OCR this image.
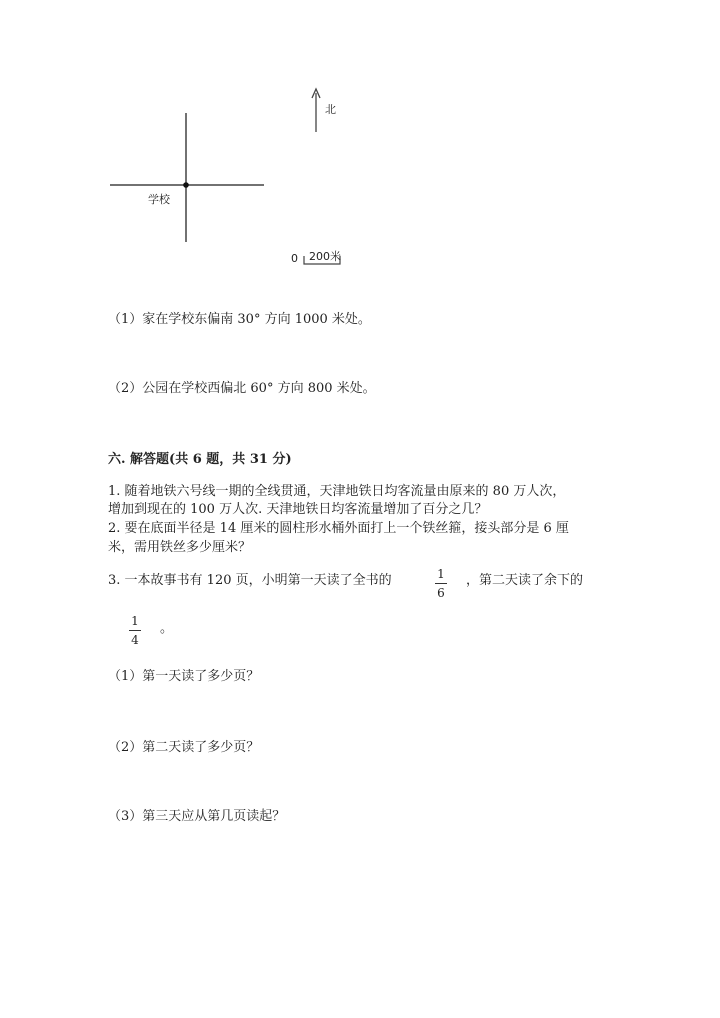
北
学校
0 200米
（1）家在学校东偏南 30° 方向 1000 米处。
（2）公园在学校西偏北 60° 方向 800 米处。
六. 解答题(共 6 题，共 31 分)
1. 随着地铁六号线一期的全线贯通，天津地铁日均客流量由原来的 80 万人次，
增加到现在的 100 万人次. 天津地铁日均客流量增加了百分之几？
2. 要在底面半径是 14 厘米的圆柱形水桶外面打上一个铁丝箍，接头部分是 6 厘
米，需用铁丝多少厘米？
3. 一本故事书有 120 页，小明第一天读了全书的	1
6
，第二天读了余下的
1
4
。
（1）第一天读了多少页？
（2）第二天读了多少页？
（3）第三天应从第几页读起？
